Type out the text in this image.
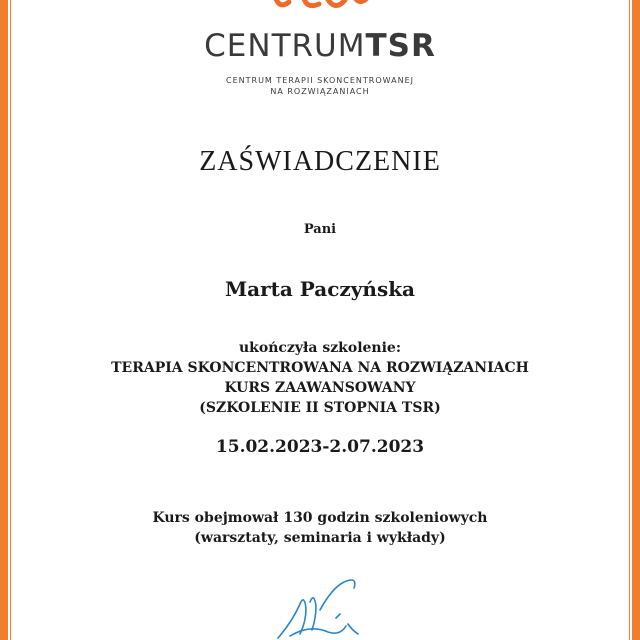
CENTRUMTSR
CENTRUM TERAPII SKONCENTROWANEJ
NA ROZWIĄZANIACH
ZAŚWIADCZENIE
Pani
Marta Paczyńska
ukończyła szkolenie:
TERAPIA SKONCENTROWANA NA ROZWIĄZANIACH
KURS ZAAWANSOWANY
(SZKOLENIE II STOPNIA TSR)
15.02.2023-2.07.2023
Kurs obejmował 130 godzin szkoleniowych
(warsztaty, seminaria i wykłady)
